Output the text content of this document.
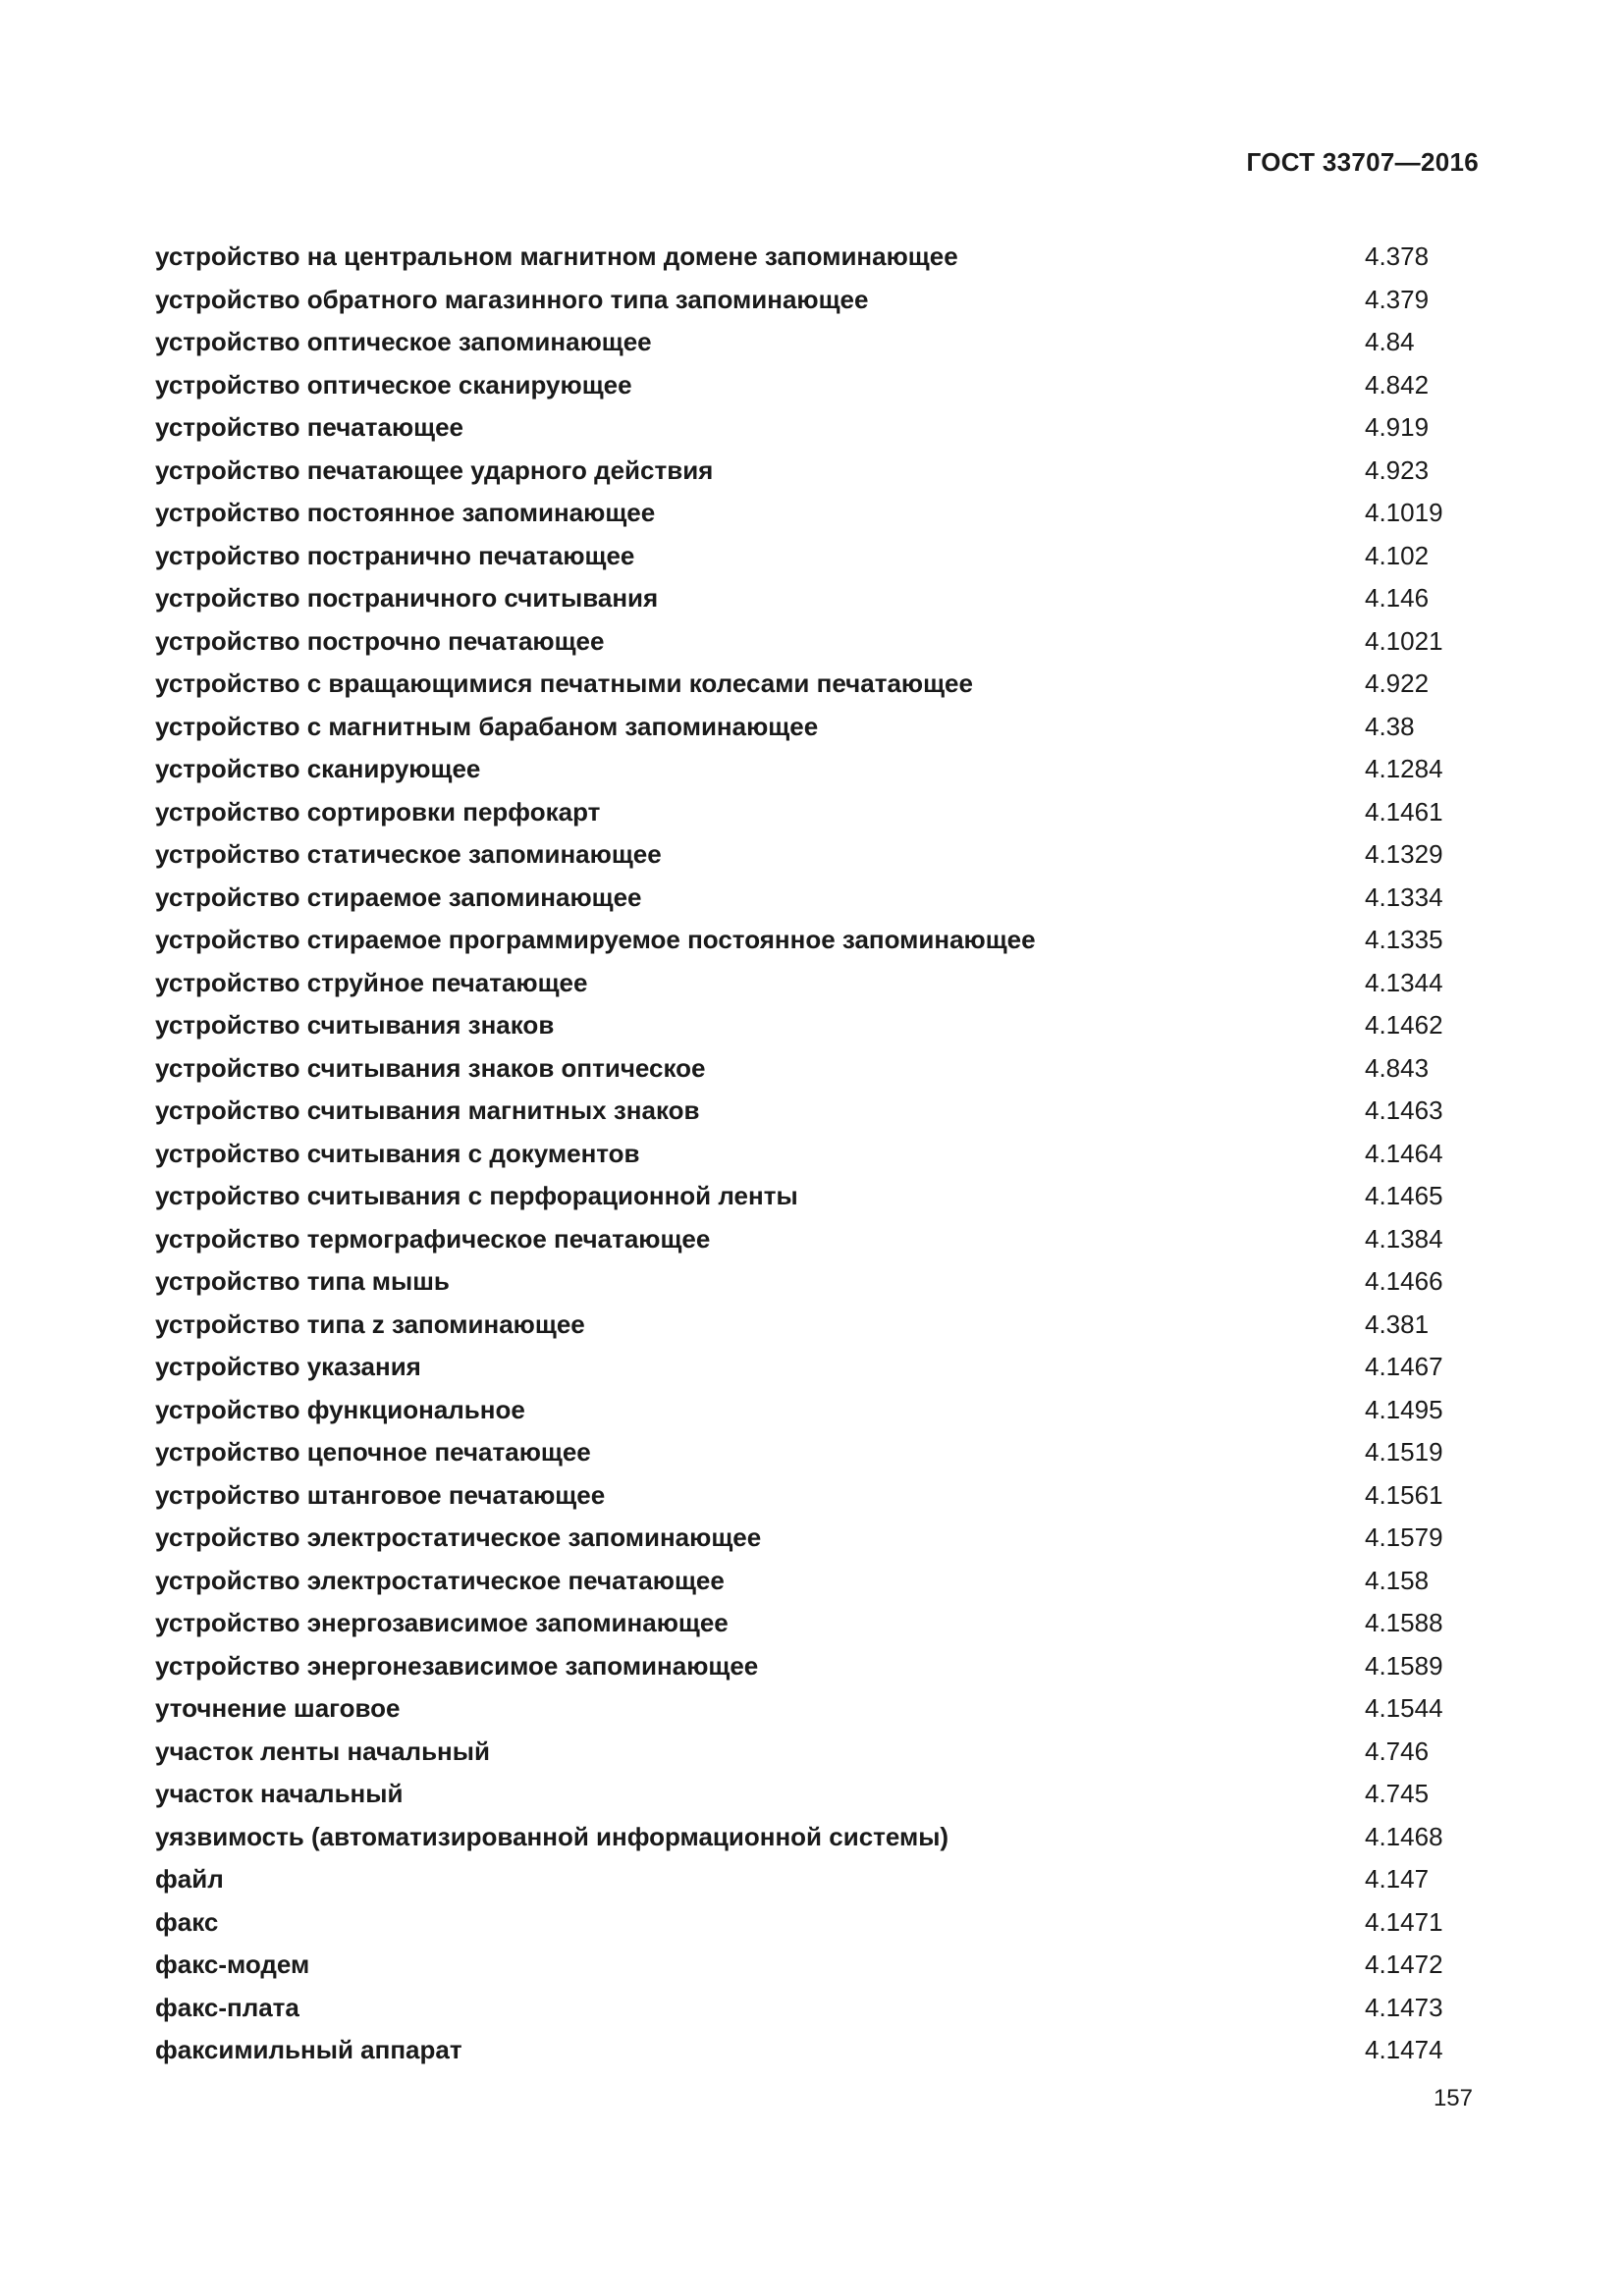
ГОСТ 33707—2016
устройство на центральном магнитном домене запоминающее	4.378
устройство обратного магазинного типа запоминающее	4.379
устройство оптическое запоминающее	4.84
устройство оптическое сканирующее	4.842
устройство печатающее	4.919
устройство печатающее ударного действия	4.923
устройство постоянное запоминающее	4.1019
устройство постранично печатающее	4.102
устройство постраничного считывания	4.146
устройство построчно печатающее	4.1021
устройство с вращающимися печатными колесами печатающее	4.922
устройство с магнитным барабаном запоминающее	4.38
устройство сканирующее	4.1284
устройство сортировки перфокарт	4.1461
устройство статическое запоминающее	4.1329
устройство стираемое запоминающее	4.1334
устройство стираемое программируемое постоянное запоминающее	4.1335
устройство струйное печатающее	4.1344
устройство считывания знаков	4.1462
устройство считывания знаков оптическое	4.843
устройство считывания магнитных знаков	4.1463
устройство считывания с документов	4.1464
устройство считывания с перфорационной ленты	4.1465
устройство термографическое печатающее	4.1384
устройство типа мышь	4.1466
устройство типа z запоминающее	4.381
устройство указания	4.1467
устройство функциональное	4.1495
устройство цепочное печатающее	4.1519
устройство штанговое печатающее	4.1561
устройство электростатическое запоминающее	4.1579
устройство электростатическое печатающее	4.158
устройство энергозависимое запоминающее	4.1588
устройство энергонезависимое запоминающее	4.1589
уточнение шаговое	4.1544
участок ленты начальный	4.746
участок начальный	4.745
уязвимость (автоматизированной информационной системы)	4.1468
файл	4.147
факс	4.1471
факс-модем	4.1472
факс-плата	4.1473
факсимильный аппарат	4.1474
157
